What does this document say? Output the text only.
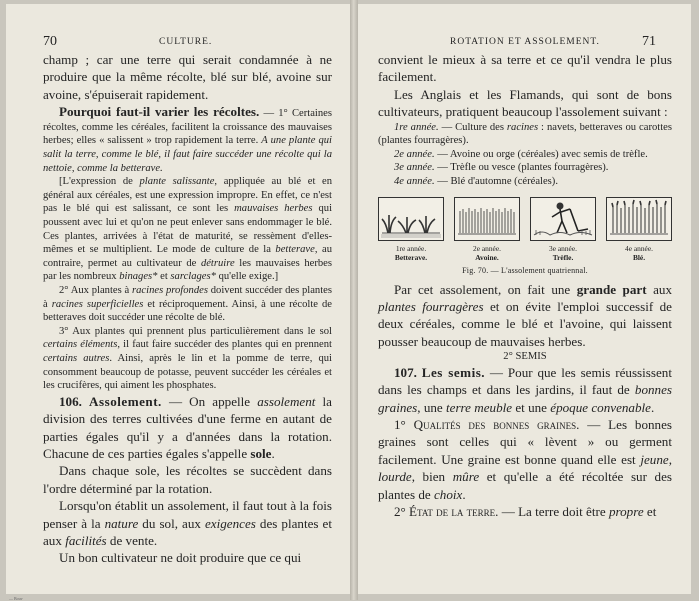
70	CULTURE.

champ ; car une terre qui serait condamnée à ne produire que la même récolte, blé sur blé, avoine sur avoine, s'épuiserait rapidement.

Pourquoi faut-il varier les récoltes. — 1° Certaines récoltes, comme les céréales, facilitent la croissance des mauvaises herbes; elles « salissent » trop rapidement la terre. A une plante qui salit la terre, comme le blé, il faut faire succéder une récolte qui la nettoie, comme la betterave.

[L'expression de plante salissante, appliquée au blé et en général aux céréales, est une expression impropre. En effet, ce n'est pas le blé qui est salissant, ce sont les mauvaises herbes qui poussent avec lui et qu'on ne peut enlever sans endommager le blé. Ces plantes, arrivées à l'état de maturité, se ressèment d'elles-mêmes et se multiplient. Le mode de culture de la betterave, au contraire, permet au cultivateur de détruire les mauvaises herbes par les nombreux binages* et sarclages* qu'elle exige.]

2° Aux plantes à racines profondes doivent succéder des plantes à racines superficielles et réciproquement. Ainsi, à une récolte de betteraves doit succéder une récolte de blé.

3° Aux plantes qui prennent plus particulièrement dans le sol certains éléments, il faut faire succéder des plantes qui en prennent certains autres. Ainsi, après le lin et la pomme de terre, qui consomment beaucoup de potasse, peuvent succéder les céréales et les crucifères, qui aiment les phosphates.

106. Assolement. — On appelle assolement la division des terres cultivées d'une ferme en autant de parties égales qu'il y a d'années dans la rotation. Chacune de ces parties égales s'appelle sole.

Dans chaque sole, les récoltes se succèdent dans l'ordre déterminé par la rotation.

Lorsqu'on établit un assolement, il faut tout à la fois penser à la nature du sol, aux exigences des plantes et aux facilités de vente.

Un bon cultivateur ne doit produire que ce qui

— Bouv
ROTATION ET ASSOLEMENT.	71

convient le mieux à sa terre et ce qu'il vendra le plus facilement.

Les Anglais et les Flamands, qui sont de bons cultivateurs, pratiquent beaucoup l'assolement suivant :

1re année. — Culture des racines : navets, betteraves ou carottes (plantes fourragères).

2e année. — Avoine ou orge (céréales) avec semis de trèfle.

3e année. — Trèfle ou vesce (plantes fourragères).

4e année. — Blé d'automne (céréales).

1re année.
Betterave.
2e année.
Avoine.
3e année.
Trèfle.
4e année.
Blé.
Fig. 70. — L'assolement quatriennal.

Par cet assolement, on fait une grande part aux plantes fourragères et on évite l'emploi successif de deux céréales, comme le blé et l'avoine, qui laissent pousser beaucoup de mauvaises herbes.

2° SEMIS

107. Les semis. — Pour que les semis réussissent dans les champs et dans les jardins, il faut de bonnes graines, une terre meuble et une époque convenable.

1° Qualités des bonnes graines. — Les bonnes graines sont celles qui « lèvent » ou germent facilement. Une graine est bonne quand elle est jeune, lourde, bien mûre et qu'elle a été récoltée sur des plantes de choix.

2° État de la terre. — La terre doit être propre et
